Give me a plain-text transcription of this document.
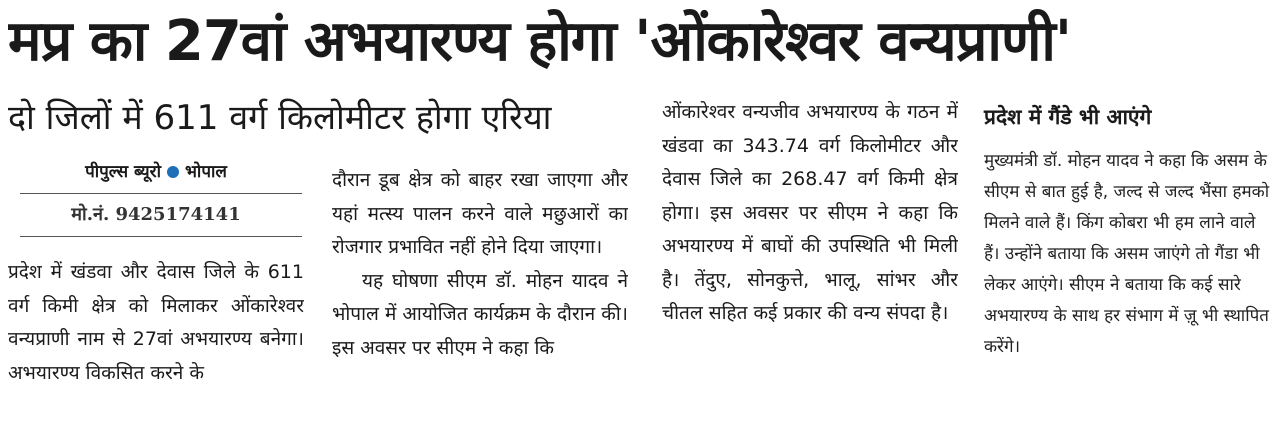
मप्र का 27वां अभयारण्य होगा 'ओंकारेश्वर वन्यप्राणी'
दो जिलों में 611 वर्ग किलोमीटर होगा एरिया
पीपुल्स ब्यूरो भोपाल
मो.नं. 9425174141

प्रदेश में खंडवा और देवास जिले के 611 वर्ग किमी क्षेत्र को मिलाकर ओंकारेश्वर वन्यप्राणी नाम से 27वां अभयारण्य बनेगा। अभयारण्य विकसित करने के

दौरान डूब क्षेत्र को बाहर रखा जाएगा और यहां मत्स्य पालन करने वाले मछुआरों का रोजगार प्रभावित नहीं होने दिया जाएगा।

यह घोषणा सीएम डॉ. मोहन यादव ने भोपाल में आयोजित कार्यक्रम के दौरान की। इस अवसर पर सीएम ने कहा कि

ओंकारेश्वर वन्यजीव अभयारण्य के गठन में खंडवा का 343.74 वर्ग किलोमीटर और देवास जिले का 268.47 वर्ग किमी क्षेत्र होगा। इस अवसर पर सीएम ने कहा कि अभयारण्य में बाघों की उपस्थिति भी मिली है। तेंदुए, सोनकुत्ते, भालू, सांभर और चीतल सहित कई प्रकार की वन्य संपदा है।

प्रदेश में गैंडे भी आएंगे

मुख्यमंत्री डॉ. मोहन यादव ने कहा कि असम के सीएम से बात हुई है, जल्द से जल्द भैंसा हमको मिलने वाले हैं। किंग कोबरा भी हम लाने वाले हैं। उन्होंने बताया कि असम जाएंगे तो गैंडा भी लेकर आएंगे। सीएम ने बताया कि कई सारे अभयारण्य के साथ हर संभाग में ज़ू भी स्थापित करेंगे।
